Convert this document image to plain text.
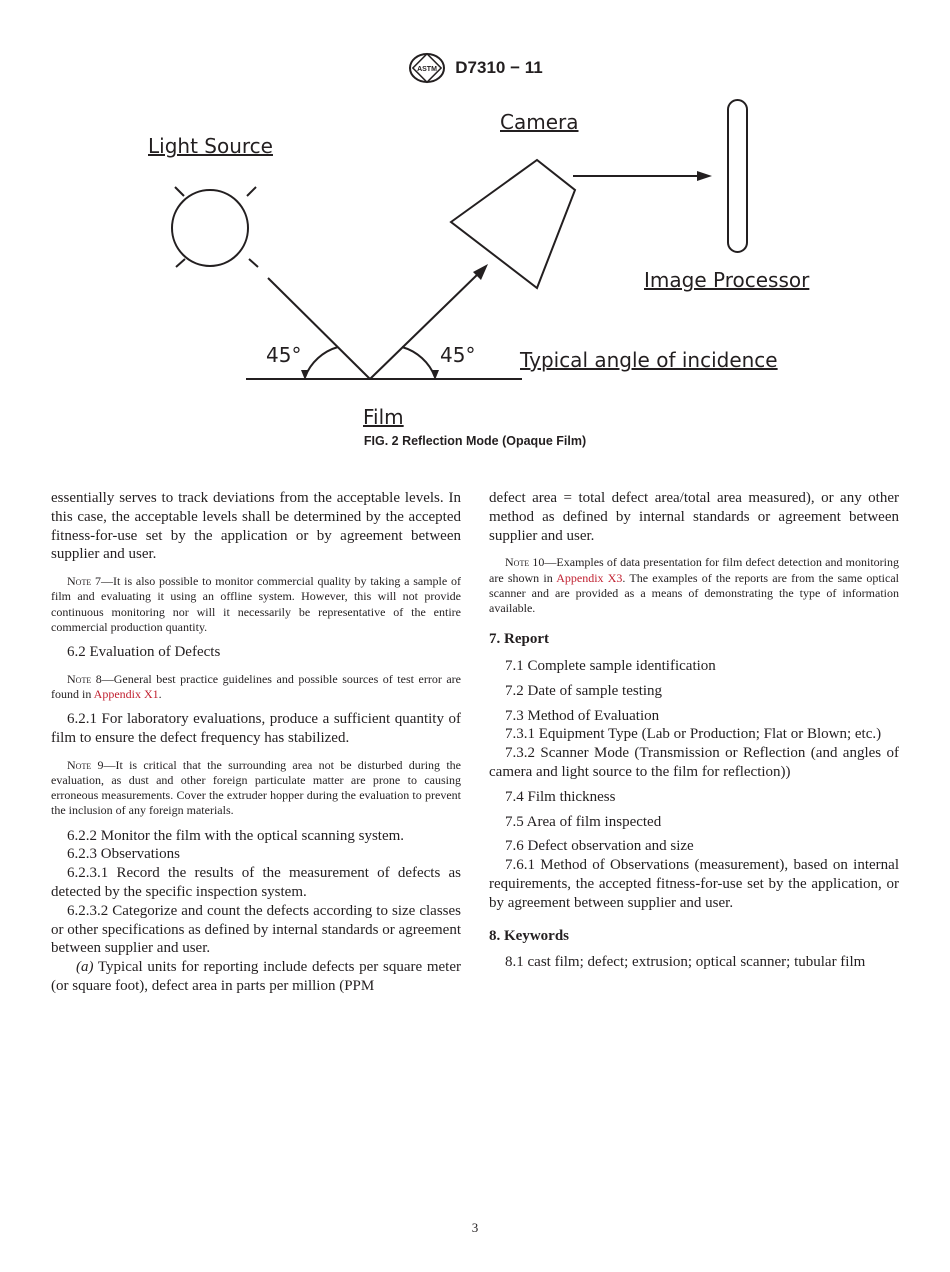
ASTM D7310 − 11
Light Source
Camera
Image Processor
45°	45° Typical angle of incidence
Film
FIG. 2 Reflection Mode (Opaque Film)

essentially serves to track deviations from the acceptable levels. In this case, the acceptable levels shall be determined by the accepted fitness-for-use set by the application or by agreement between supplier and user.

Note 7—It is also possible to monitor commercial quality by taking a sample of film and evaluating it using an offline system. However, this will not provide continuous monitoring nor will it necessarily be representative of the entire commercial production quantity.

6.2 Evaluation of Defects

Note 8—General best practice guidelines and possible sources of test error are found in Appendix X1.

6.2.1 For laboratory evaluations, produce a sufficient quantity of film to ensure the defect frequency has stabilized.

Note 9—It is critical that the surrounding area not be disturbed during the evaluation, as dust and other foreign particulate matter are prone to causing erroneous measurements. Cover the extruder hopper during the evaluation to prevent the inclusion of any foreign materials.

6.2.2 Monitor the film with the optical scanning system.

6.2.3 Observations

6.2.3.1 Record the results of the measurement of defects as detected by the specific inspection system.

6.2.3.2 Categorize and count the defects according to size classes or other specifications as defined by internal standards or agreement between supplier and user.

(a) Typical units for reporting include defects per square meter (or square foot), defect area in parts per million (PPM

defect area = total defect area/total area measured), or any other method as defined by internal standards or agreement between supplier and user.

Note 10—Examples of data presentation for film defect detection and monitoring are shown in Appendix X3. The examples of the reports are from the same optical scanner and are provided as a means of demonstrating the type of information available.

7. Report

7.1 Complete sample identification

7.2 Date of sample testing

7.3 Method of Evaluation

7.3.1 Equipment Type (Lab or Production; Flat or Blown; etc.)

7.3.2 Scanner Mode (Transmission or Reflection (and angles of camera and light source to the film for reflection))

7.4 Film thickness

7.5 Area of film inspected

7.6 Defect observation and size

7.6.1 Method of Observations (measurement), based on internal requirements, the accepted fitness-for-use set by the application, or by agreement between supplier and user.

8. Keywords

8.1 cast film; defect; extrusion; optical scanner; tubular film

3
